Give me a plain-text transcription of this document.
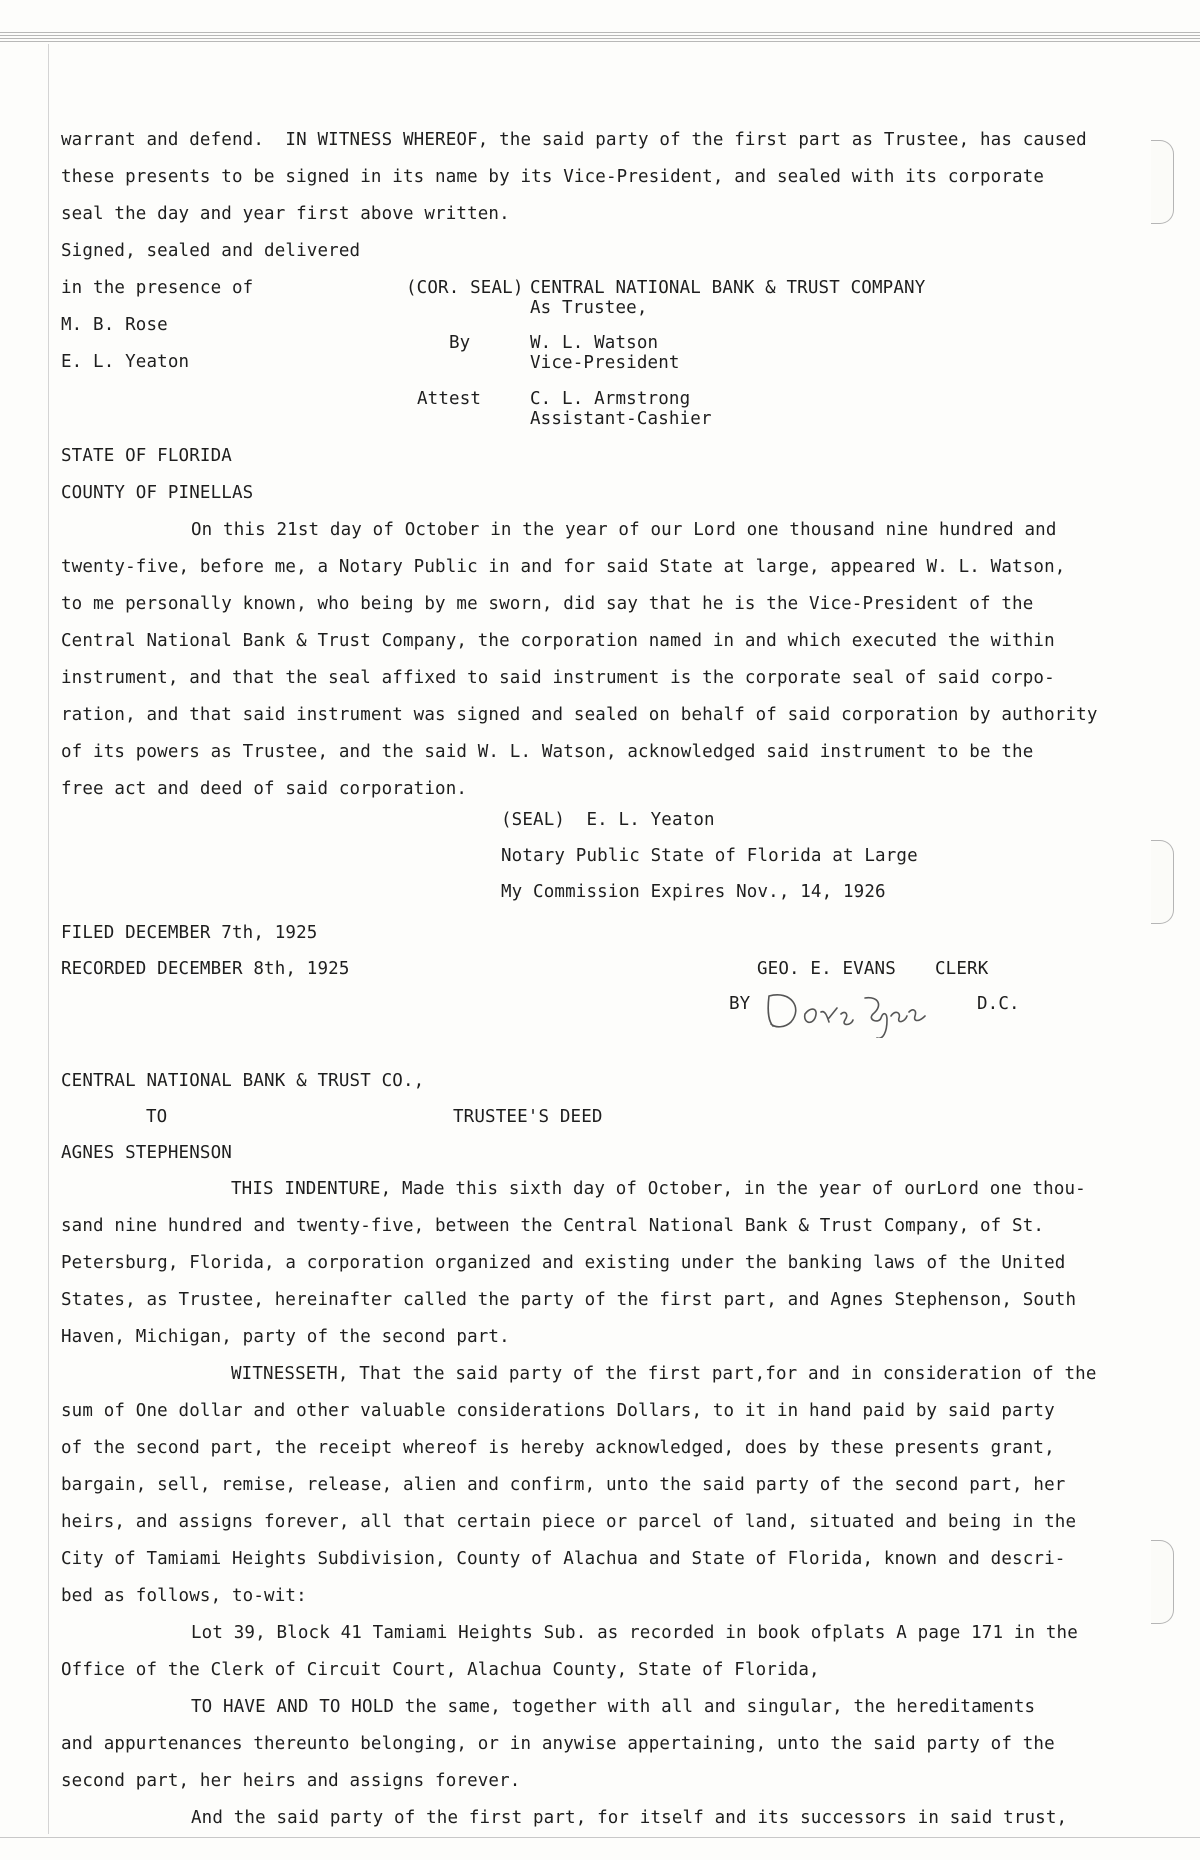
warrant and defend.  IN WITNESS WHEREOF, the said party of the first part as Trustee, has caused
these presents to be signed in its name by its Vice-President, and sealed with its corporate
seal the day and year first above written.
Signed, sealed and delivered
in the presence of
M. B. Rose
E. L. Yeaton
(COR. SEAL) CENTRAL NATIONAL BANK & TRUST COMPANY
As Trustee,
By	W. L. Watson
Vice-President
Attest	C. L. Armstrong
Assistant-Cashier
STATE OF FLORIDA
COUNTY OF PINELLAS
On this 21st day of October in the year of our Lord one thousand nine hundred and
twenty-five, before me, a Notary Public in and for said State at large, appeared W. L. Watson,
to me personally known, who being by me sworn, did say that he is the Vice-President of the
Central National Bank & Trust Company, the corporation named in and which executed the within
instrument, and that the seal affixed to said instrument is the corporate seal of said corpo-
ration, and that said instrument was signed and sealed on behalf of said corporation by authority
of its powers as Trustee, and the said W. L. Watson, acknowledged said instrument to be the
free act and deed of said corporation.
(SEAL)  E. L. Yeaton
Notary Public State of Florida at Large
My Commission Expires Nov., 14, 1926
FILED DECEMBER 7th, 1925
RECORDED DECEMBER 8th, 1925	GEO. E. EVANS CLERK
BY	D.C.
CENTRAL NATIONAL BANK & TRUST CO.,
TO	TRUSTEE'S DEED
AGNES STEPHENSON
THIS INDENTURE, Made this sixth day of October, in the year of ourLord one thou-
sand nine hundred and twenty-five, between the Central National Bank & Trust Company, of St.
Petersburg, Florida, a corporation organized and existing under the banking laws of the United
States, as Trustee, hereinafter called the party of the first part, and Agnes Stephenson, South
Haven, Michigan, party of the second part.
WITNESSETH, That the said party of the first part,for and in consideration of the
sum of One dollar and other valuable considerations Dollars, to it in hand paid by said party
of the second part, the receipt whereof is hereby acknowledged, does by these presents grant,
bargain, sell, remise, release, alien and confirm, unto the said party of the second part, her
heirs, and assigns forever, all that certain piece or parcel of land, situated and being in the
City of Tamiami Heights Subdivision, County of Alachua and State of Florida, known and descri-
bed as follows, to-wit:
Lot 39, Block 41 Tamiami Heights Sub. as recorded in book ofplats A page 171 in the
Office of the Clerk of Circuit Court, Alachua County, State of Florida,
TO HAVE AND TO HOLD the same, together with all and singular, the hereditaments
and appurtenances thereunto belonging, or in anywise appertaining, unto the said party of the
second part, her heirs and assigns forever.
And the said party of the first part, for itself and its successors in said trust,
